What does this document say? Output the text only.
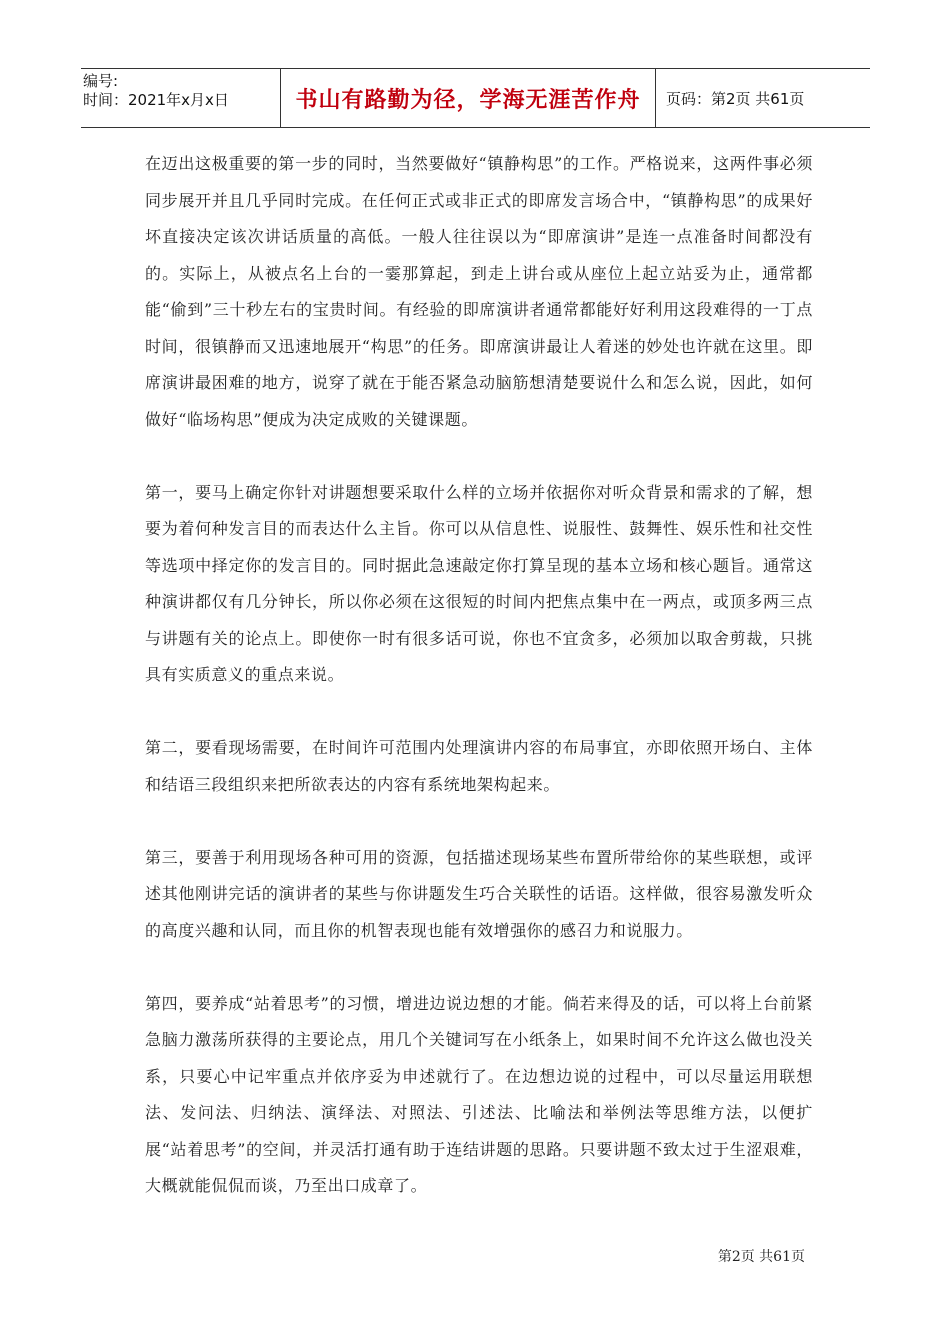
编号:
时间：2021年x月x日	书山有路勤为径，学海无涯苦作舟	页码：第2页 共61页

在迈出这极重要的第一步的同时，当然要做好“镇静构思”的工作。严格说来，这两件事必须同步展开并且几乎同时完成。在任何正式或非正式的即席发言场合中，“镇静构思”的成果好坏直接决定该次讲话质量的高低。一般人往往误以为“即席演讲”是连一点准备时间都没有的。实际上，从被点名上台的一霎那算起，到走上讲台或从座位上起立站妥为止，通常都能“偷到”三十秒左右的宝贵时间。有经验的即席演讲者通常都能好好利用这段难得的一丁点时间，很镇静而又迅速地展开“构思”的任务。即席演讲最让人着迷的妙处也许就在这里。即席演讲最困难的地方，说穿了就在于能否紧急动脑筋想清楚要说什么和怎么说，因此，如何做好“临场构思”便成为决定成败的关键课题。

第一，要马上确定你针对讲题想要采取什么样的立场并依据你对听众背景和需求的了解，想要为着何种发言目的而表达什么主旨。你可以从信息性、说服性、鼓舞性、娱乐性和社交性等选项中择定你的发言目的。同时据此急速敲定你打算呈现的基本立场和核心题旨。通常这种演讲都仅有几分钟长，所以你必须在这很短的时间内把焦点集中在一两点，或顶多两三点与讲题有关的论点上。即使你一时有很多话可说，你也不宜贪多，必须加以取舍剪裁，只挑具有实质意义的重点来说。

第二，要看现场需要，在时间许可范围内处理演讲内容的布局事宜，亦即依照开场白、主体和结语三段组织来把所欲表达的内容有系统地架构起来。

第三，要善于利用现场各种可用的资源，包括描述现场某些布置所带给你的某些联想，或评述其他刚讲完话的演讲者的某些与你讲题发生巧合关联性的话语。这样做，很容易激发听众的高度兴趣和认同，而且你的机智表现也能有效增强你的感召力和说服力。

第四，要养成“站着思考”的习惯，增进边说边想的才能。倘若来得及的话，可以将上台前紧急脑力激荡所获得的主要论点，用几个关键词写在小纸条上，如果时间不允许这么做也没关系，只要心中记牢重点并依序妥为申述就行了。在边想边说的过程中，可以尽量运用联想法、发问法、归纳法、演绎法、对照法、引述法、比喻法和举例法等思维方法，以便扩展“站着思考”的空间，并灵活打通有助于连结讲题的思路。只要讲题不致太过于生涩艰难，大概就能侃侃而谈，乃至出口成章了。

第2页 共61页
